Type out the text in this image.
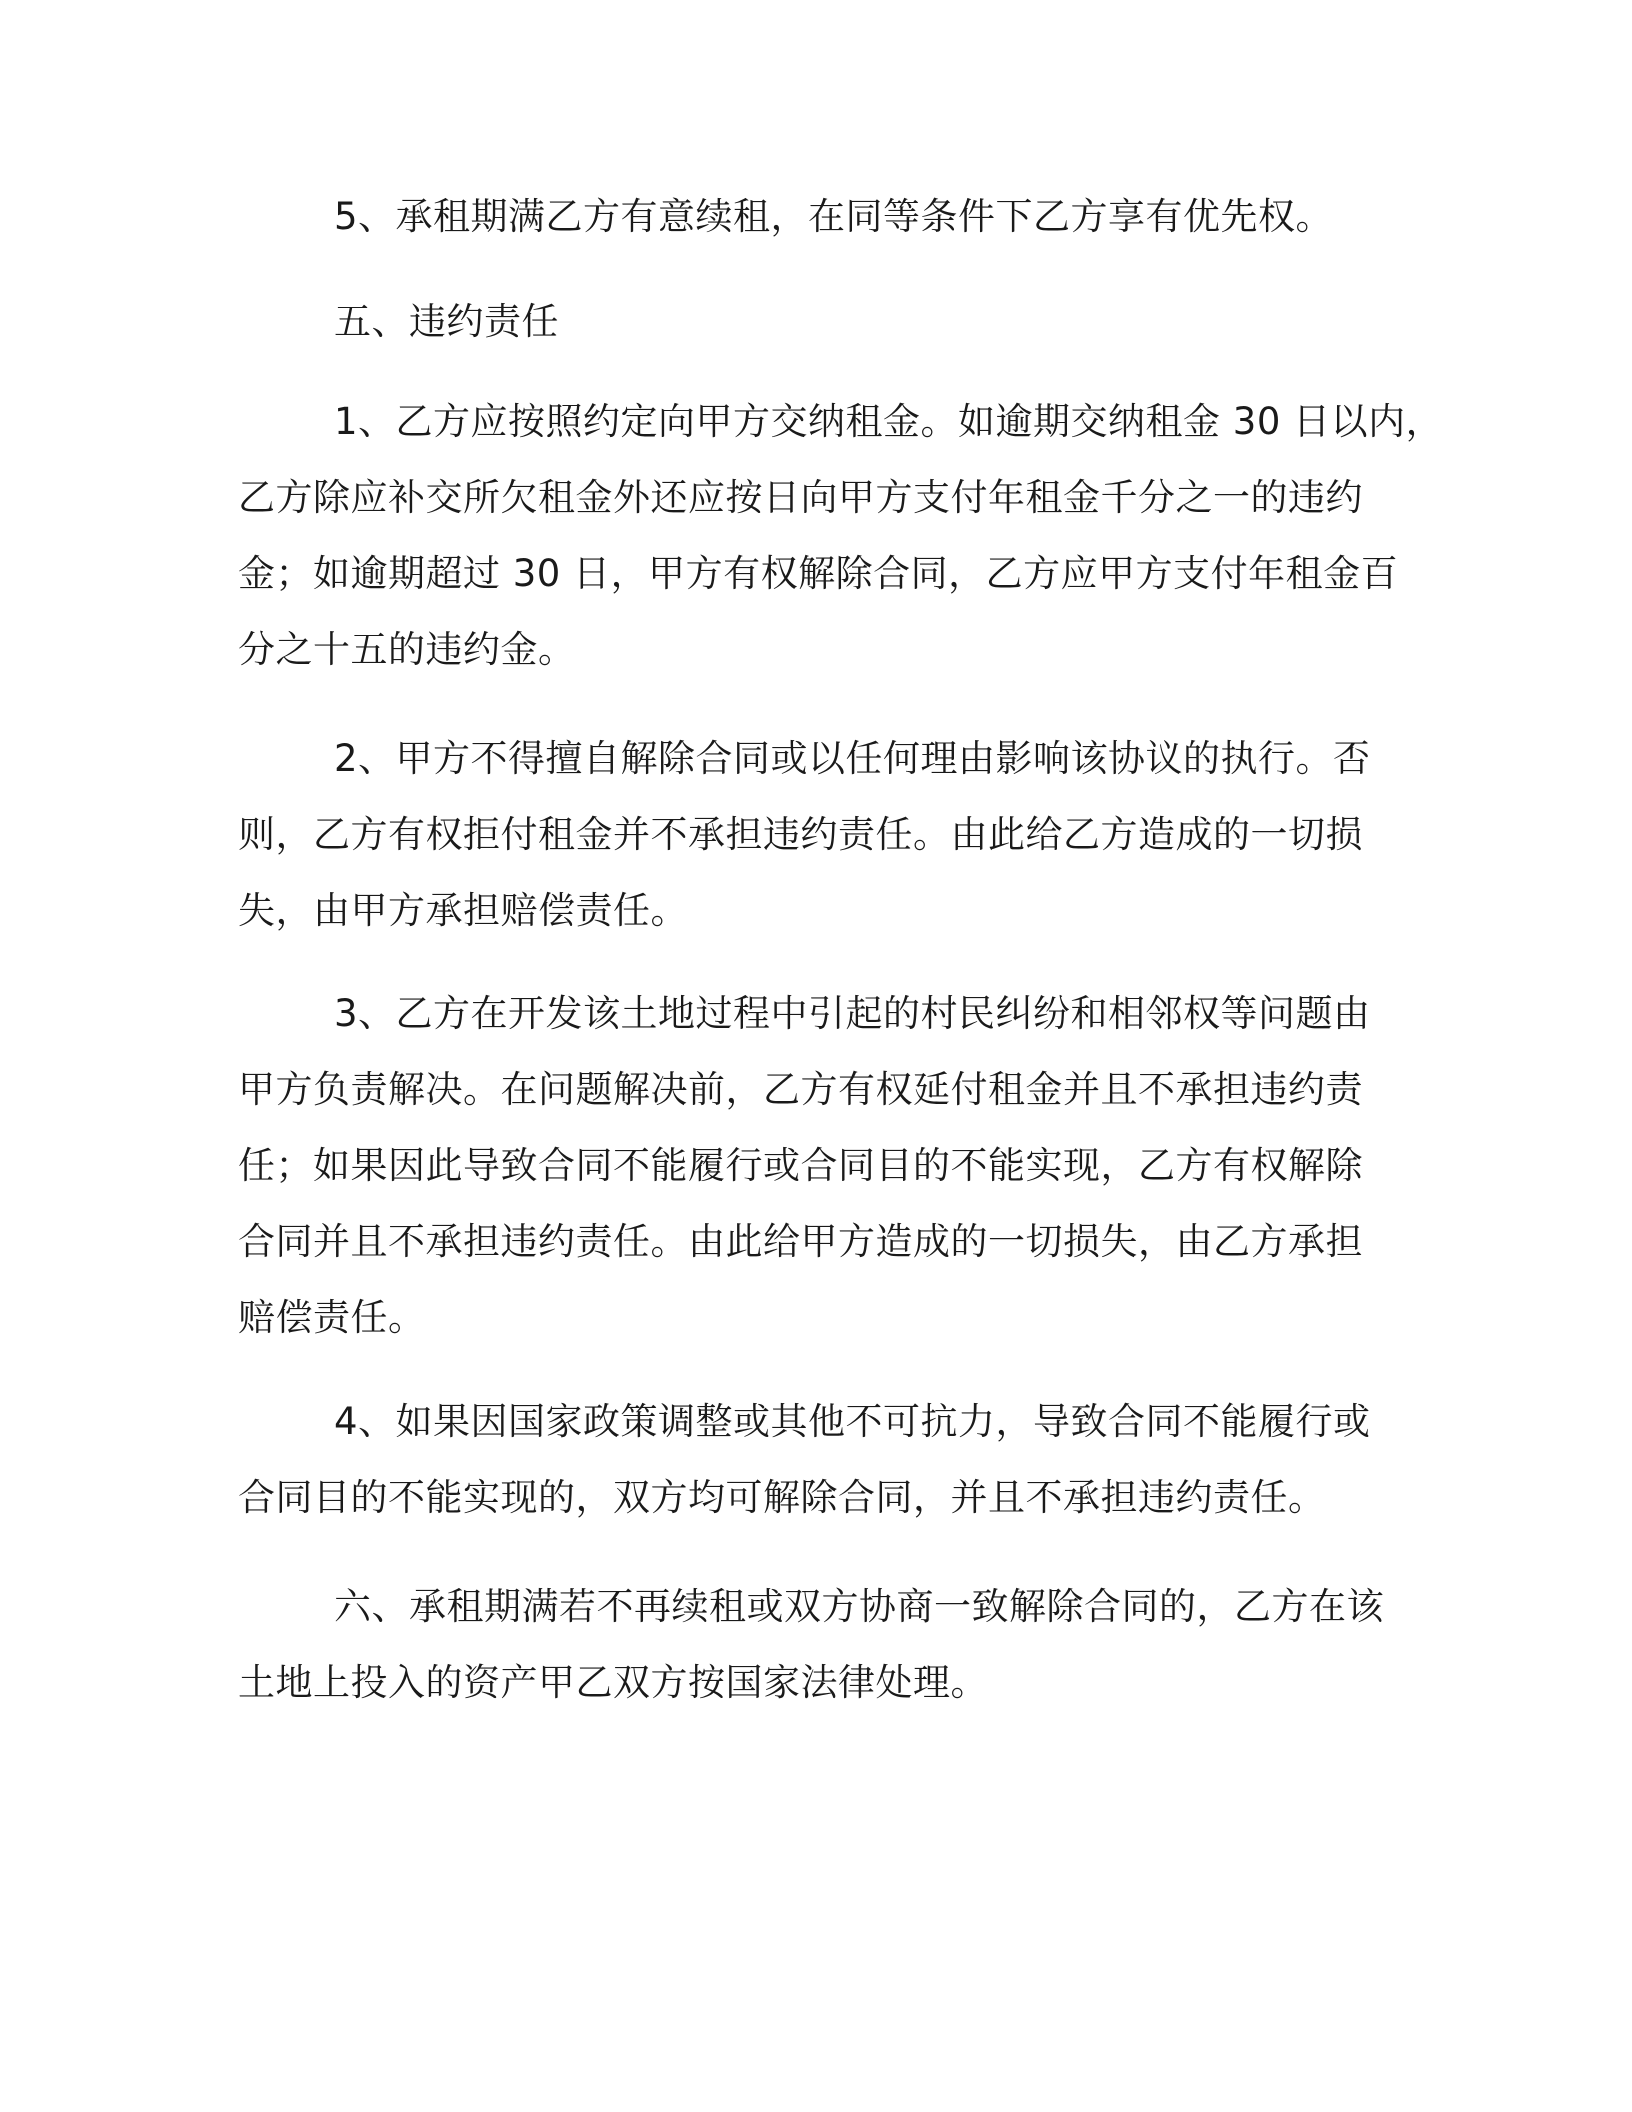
5、承租期满乙方有意续租，在同等条件下乙方享有优先权。
五、违约责任
1、乙方应按照约定向甲方交纳租金。如逾期交纳租金 30 日以内，
乙方除应补交所欠租金外还应按日向甲方支付年租金千分之一的违约
金；如逾期超过 30 日，甲方有权解除合同，乙方应甲方支付年租金百
分之十五的违约金。
2、甲方不得擅自解除合同或以任何理由影响该协议的执行。否
则，乙方有权拒付租金并不承担违约责任。由此给乙方造成的一切损
失，由甲方承担赔偿责任。
3、乙方在开发该土地过程中引起的村民纠纷和相邻权等问题由
甲方负责解决。在问题解决前，乙方有权延付租金并且不承担违约责
任；如果因此导致合同不能履行或合同目的不能实现，乙方有权解除
合同并且不承担违约责任。由此给甲方造成的一切损失，由乙方承担
赔偿责任。
4、如果因国家政策调整或其他不可抗力，导致合同不能履行或
合同目的不能实现的，双方均可解除合同，并且不承担违约责任。
六、承租期满若不再续租或双方协商一致解除合同的，乙方在该
土地上投入的资产甲乙双方按国家法律处理。
